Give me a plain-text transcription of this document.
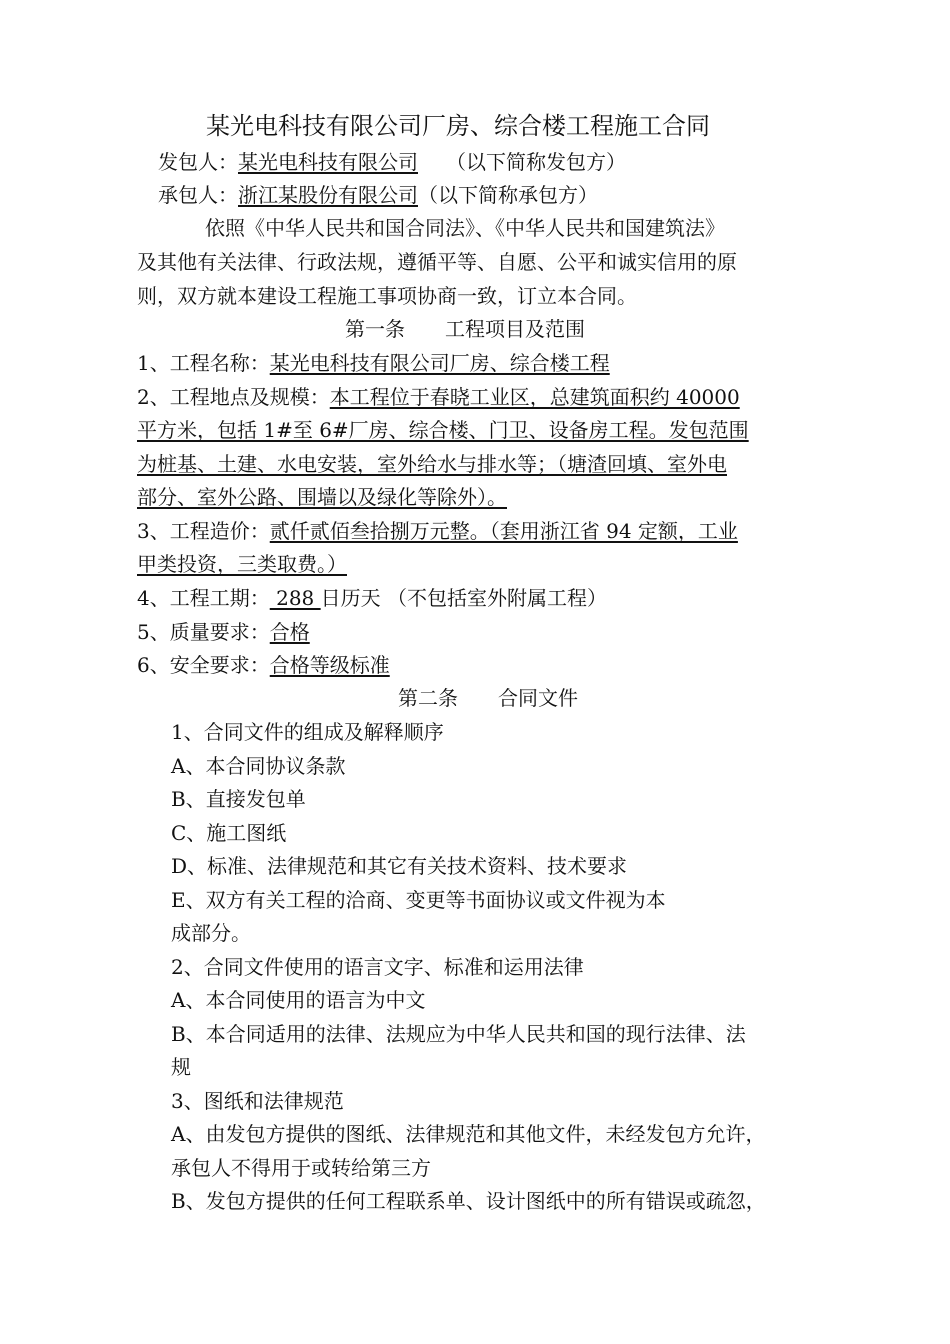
某光电科技有限公司厂房、综合楼工程施工合同
发包人：某光电科技有限公司 （以下简称发包方）
承包人：浙江某股份有限公司（以下简称承包方）
依照《中华人民共和国合同法》、《中华人民共和国建筑法》
及其他有关法律、行政法规，遵循平等、自愿、公平和诚实信用的原
则，双方就本建设工程施工事项协商一致，订立本合同。
第一条　　工程项目及范围
1、工程名称：某光电科技有限公司厂房、综合楼工程
2、工程地点及规模：本工程位于春晓工业区，总建筑面积约 40000
平方米，包括 1#至 6#厂房、综合楼、门卫、设备房工程。发包范围
为桩基、土建、水电安装，室外给水与排水等；（塘渣回填、室外电
部分、室外公路、围墙以及绿化等除外）。
3、工程造价：贰仟贰佰叁拾捌万元整。（套用浙江省 94 定额，工业
甲类投资，三类取费。）
4、工程工期： 288 日历天 （不包括室外附属工程）
5、质量要求：合格
6、安全要求：合格等级标准
第二条　　合同文件
1、合同文件的组成及解释顺序
A、本合同协议条款
B、直接发包单
C、施工图纸
D、标准、法律规范和其它有关技术资料、技术要求
E、双方有关工程的洽商、变更等书面协议或文件视为本
成部分。
2、合同文件使用的语言文字、标准和运用法律
A、本合同使用的语言为中文
B、本合同适用的法律、法规应为中华人民共和国的现行法律、法
规
3、图纸和法律规范
A、由发包方提供的图纸、法律规范和其他文件，未经发包方允许，
承包人不得用于或转给第三方
B、发包方提供的任何工程联系单、设计图纸中的所有错误或疏忽，
